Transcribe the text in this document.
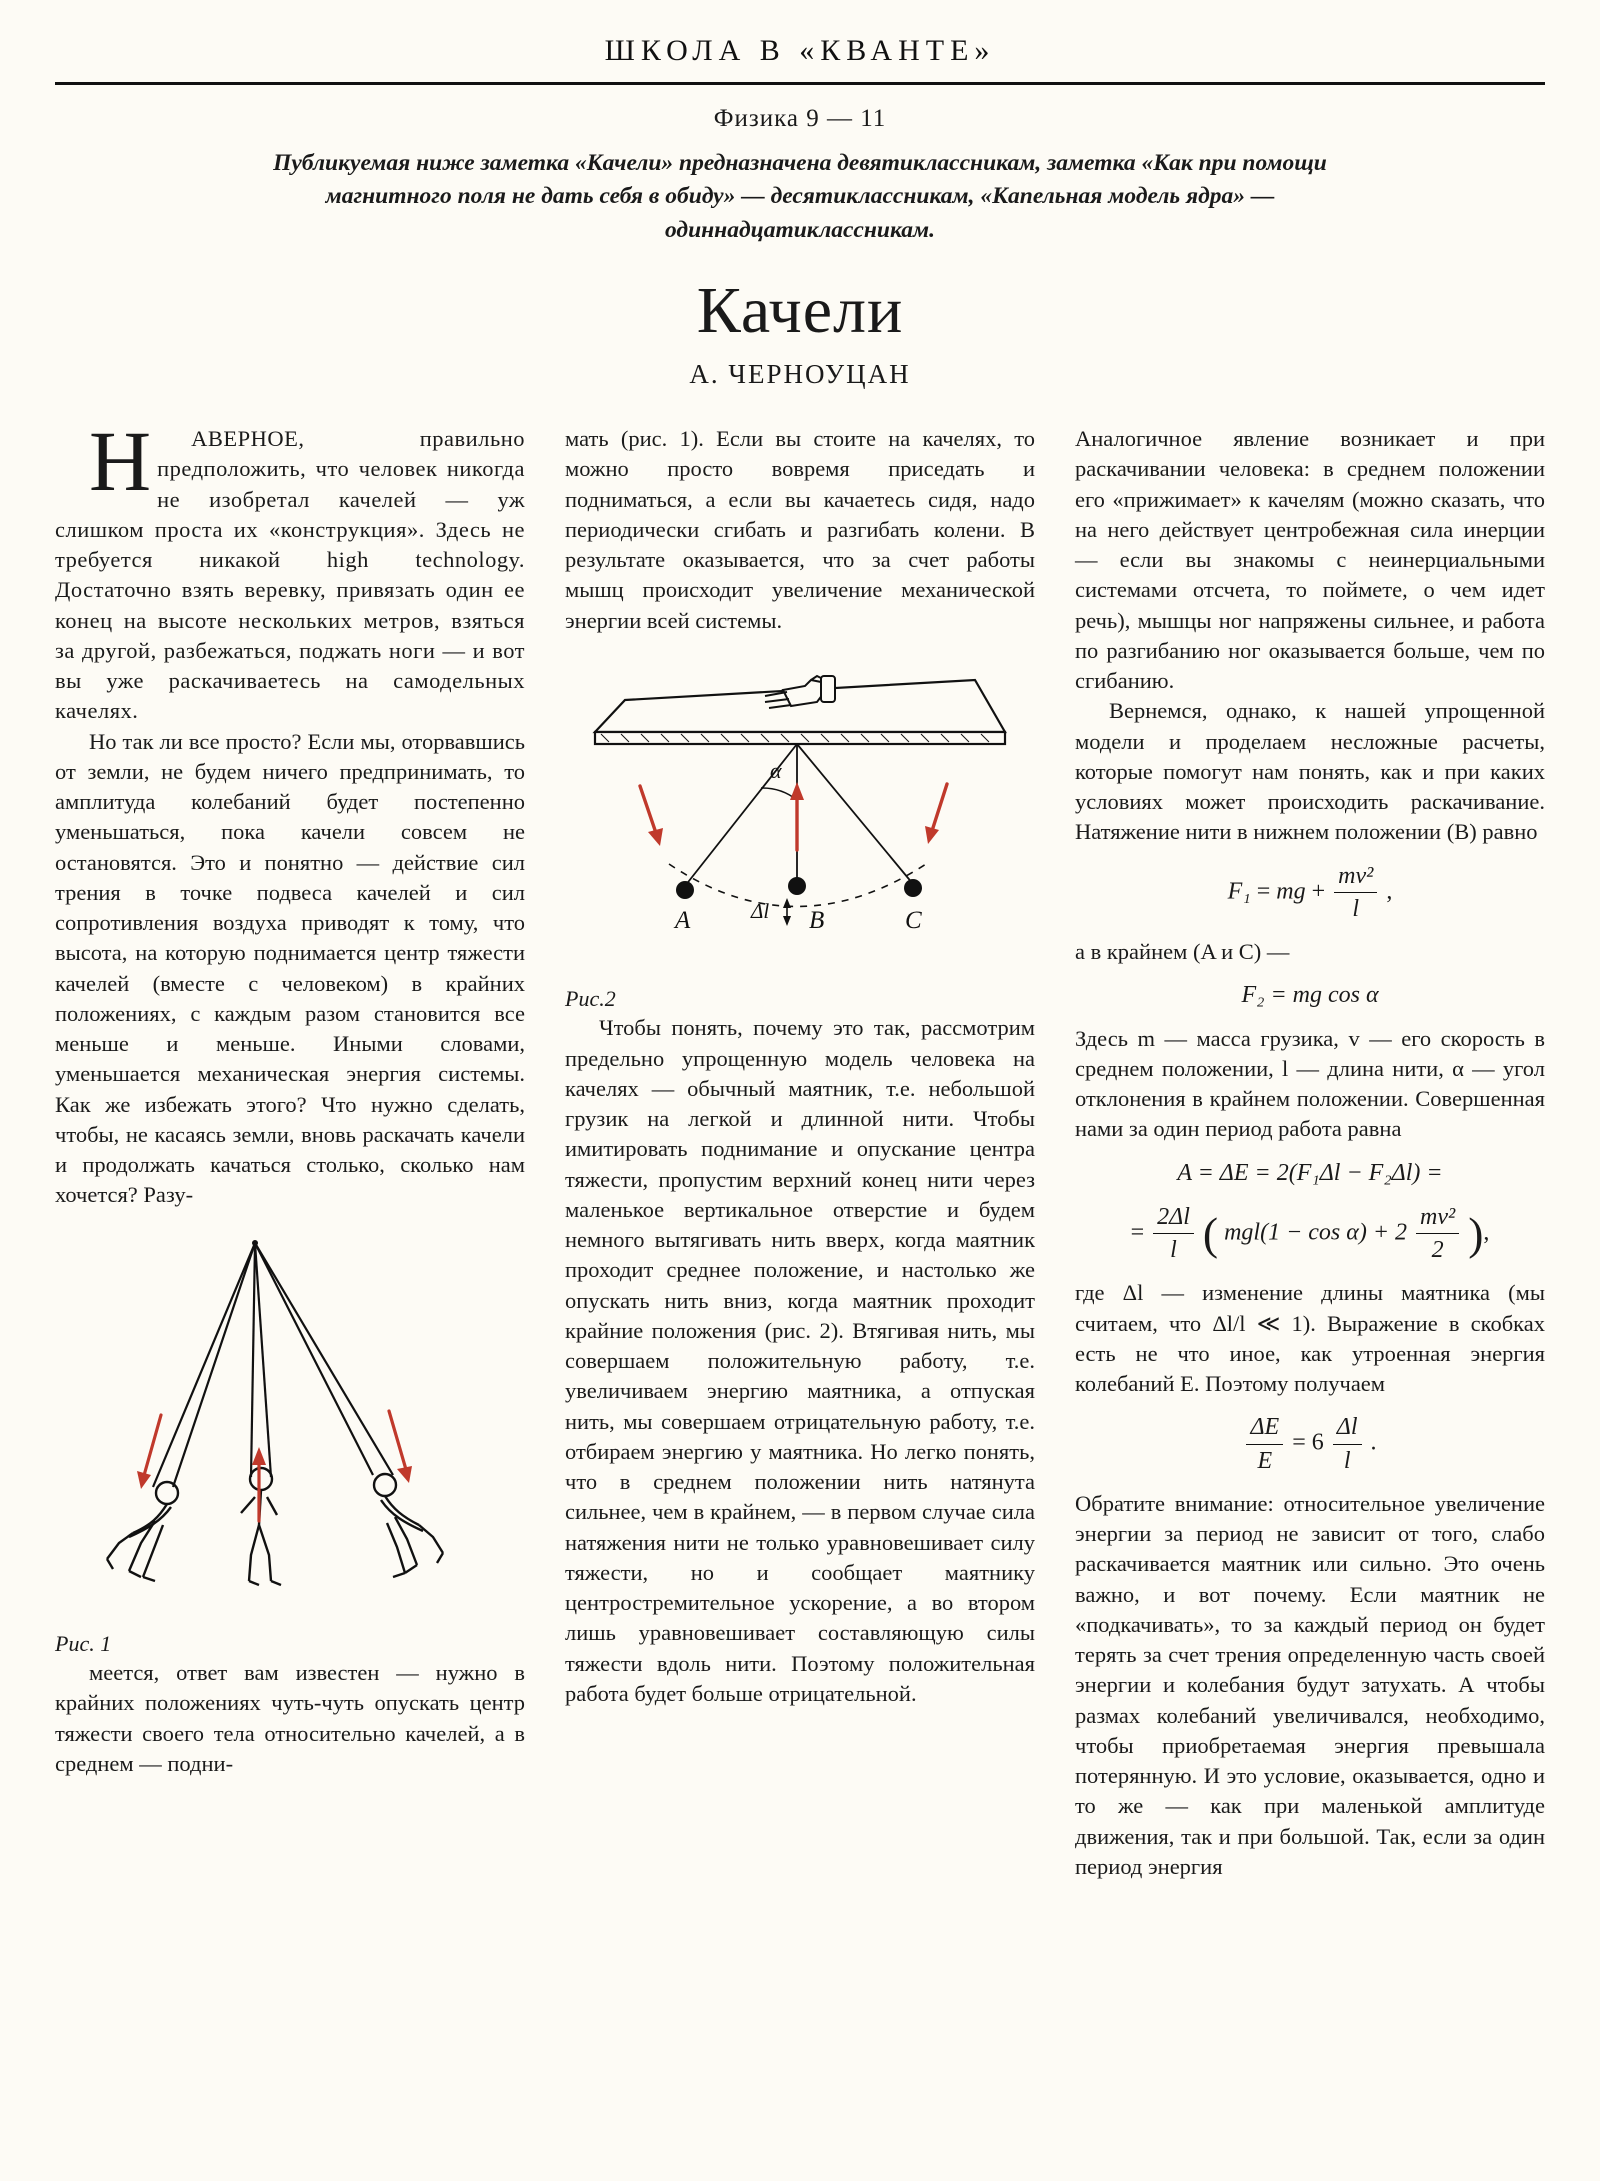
ШКОЛА В «КВАНТЕ»
Физика 9 — 11
Публикуемая ниже заметка «Качели» предназначена девятиклассникам, заметка «Как при помощи магнитного поля не дать себя в обиду» — десятиклассникам, «Капельная модель ядра» — одиннадцатиклассникам.
Качели
А. ЧЕРНОУЦАН

Н АВЕРНОЕ, правильно предположить, что человек никогда не изобретал качелей — уж слишком проста их «конструкция». Здесь не требуется никакой high technology. Достаточно взять веревку, привязать один ее конец на высоте нескольких метров, взяться за другой, разбежаться, поджать ноги — и вот вы уже раскачиваетесь на самодельных качелях.

Но так ли все просто? Если мы, оторвавшись от земли, не будем ничего предпринимать, то амплитуда колебаний будет постепенно уменьшаться, пока качели совсем не остановятся. Это и понятно — действие сил трения в точке подвеса качелей и сил сопротивления воздуха приводят к тому, что высота, на которую поднимается центр тяжести качелей (вместе с человеком) в крайних положениях, с каждым разом становится все меньше и меньше. Иными словами, уменьшается механическая энергия системы. Как же избежать этого? Что нужно сделать, чтобы, не касаясь земли, вновь раскачать качели и продолжать качаться столько, сколько нам хочется? Разу-

Рис. 1

меется, ответ вам известен — нужно в крайних положениях чуть-чуть опускать центр тяжести своего тела относительно качелей, а в среднем — подни-

мать (рис. 1). Если вы стоите на качелях, то можно просто вовремя приседать и подниматься, а если вы качаетесь сидя, надо периодически сгибать и разгибать колени. В результате оказывается, что за счет работы мышц происходит увеличение механической энергии всей системы.

α
A	B	C
Δl

Рис.2

Чтобы понять, почему это так, рассмотрим предельно упрощенную модель человека на качелях — обычный маятник, т.е. небольшой грузик на легкой и длинной нити. Чтобы имитировать поднимание и опускание центра тяжести, пропустим верхний конец нити через маленькое вертикальное отверстие и будем немного вытягивать нить вверх, когда маятник проходит среднее положение, и настолько же опускать нить вниз, когда маятник проходит крайние положения (рис. 2). Втягивая нить, мы совершаем положительную работу, т.е. увеличиваем энергию маятника, а отпуская нить, мы совершаем отрицательную работу, т.е. отбираем энергию у маятника. Но легко понять, что в среднем положении нить натянута сильнее, чем в крайнем, — в первом случае сила натяжения нити не только уравновешивает силу тяжести, но и сообщает маятнику центростремительное ускорение, а во втором лишь уравновешивает составляющую силы тяжести вдоль нити. Поэтому положительная работа будет больше отрицательной.

Аналогичное явление возникает и при раскачивании человека: в среднем положении его «прижимает» к качелям (можно сказать, что на него действует центробежная сила инерции — если вы знакомы с неинерциальными системами отсчета, то поймете, о чем идет речь), мышцы ног напряжены сильнее, и работа по разгибанию ног оказывается больше, чем по сгибанию.

Вернемся, однако, к нашей упрощенной модели и проделаем несложные расчеты, которые помогут нам понять, как и при каких условиях может происходить раскачивание. Натяжение нити в нижнем положении (B) равно

F₁ = mg + $\frac{\text{mv²}}{l}$ ,

а в крайнем (A и C) —

F₂ = mg cos α

Здесь m — масса грузика, v — его скорость в среднем положении, l — длина нити, α — угол отклонения в крайнем положении. Совершенная нами за один период работа равна

A = ΔE = 2(F₁Δl − F₂Δl) =
= $\frac{2\Delta l}{l}$ ( $mgl(1 - \cos \alpha) + 2 \frac{\text{mv²}}{2}$ ),

где Δl — изменение длины маятника (мы считаем, что Δl/l ≪ 1). Выражение в скобках есть не что иное, как утроенная энергия колебаний E. Поэтому получаем

$\frac{\Delta E}{E} = 6 \frac{\Delta l}{l}$ .

Обратите внимание: относительное увеличение энергии за период не зависит от того, слабо раскачивается маятник или сильно. Это очень важно, и вот почему. Если маятник не «подкачивать», то за каждый период он будет терять за счет трения определенную часть своей энергии и колебания будут затухать. А чтобы размах колебаний увеличивался, необходимо, чтобы приобретаемая энергия превышала потерянную. И это условие, оказывается, одно и то же — как при маленькой амплитуде движения, так и при большой. Так, если за один период энергия
